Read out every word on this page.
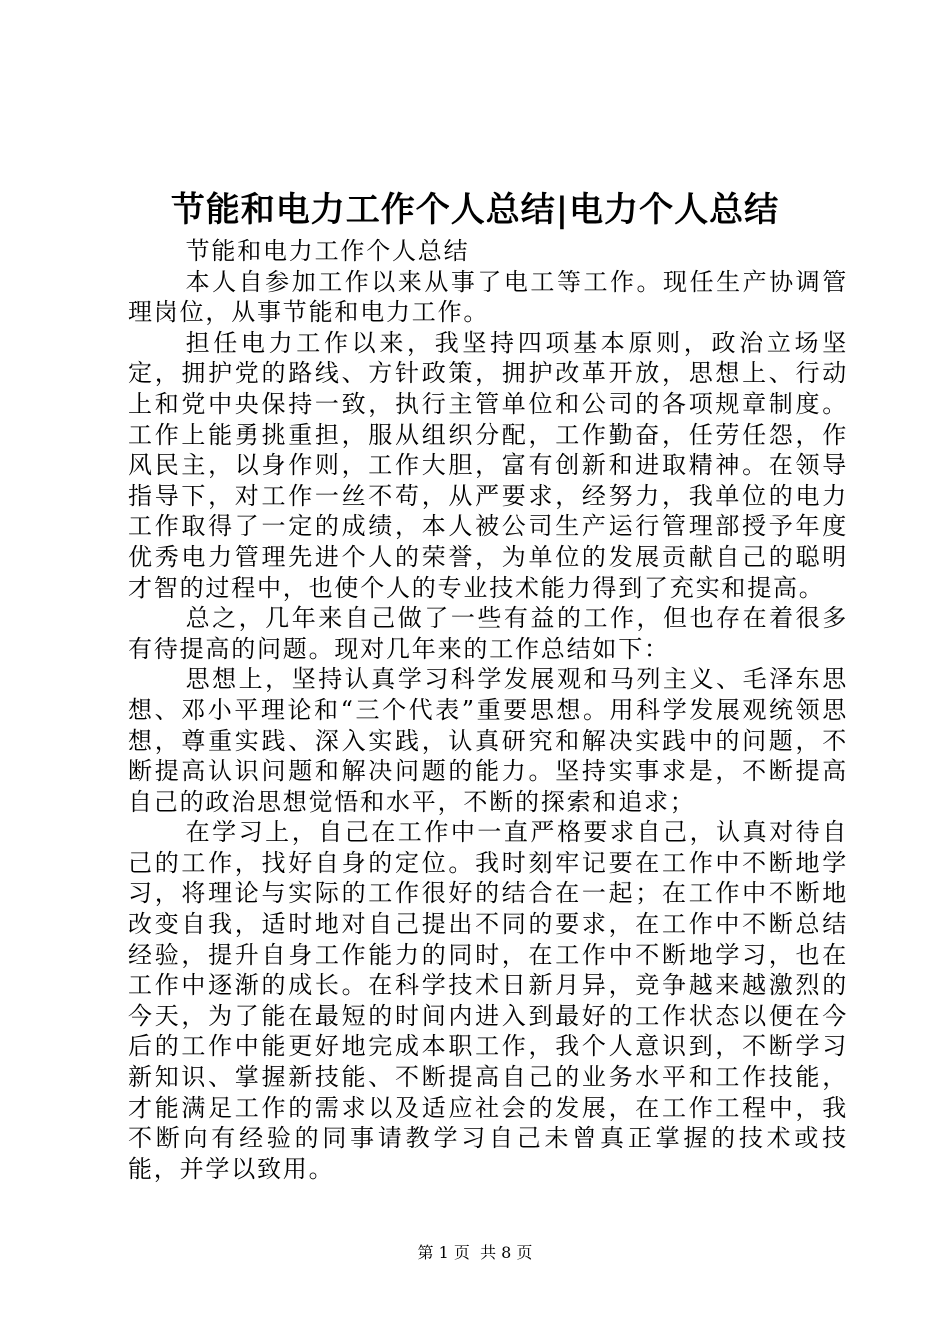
节能和电力工作个人总结|电力个人总结

节能和电力工作个人总结

本人自参加工作以来从事了电工等工作。现任生产协调管理岗位，从事节能和电力工作。

担任电力工作以来，我坚持四项基本原则，政治立场坚定，拥护党的路线、方针政策，拥护改革开放，思想上、行动上和党中央保持一致，执行主管单位和公司的各项规章制度。工作上能勇挑重担，服从组织分配，工作勤奋，任劳任怨，作风民主，以身作则，工作大胆，富有创新和进取精神。在领导指导下，对工作一丝不苟，从严要求，经努力，我单位的电力工作取得了一定的成绩，本人被公司生产运行管理部授予年度优秀电力管理先进个人的荣誉，为单位的发展贡献自己的聪明才智的过程中，也使个人的专业技术能力得到了充实和提高。

总之，几年来自己做了一些有益的工作，但也存在着很多有待提高的问题。现对几年来的工作总结如下：

思想上，坚持认真学习科学发展观和马列主义、毛泽东思想、邓小平理论和“三个代表”重要思想。用科学发展观统领思想，尊重实践、深入实践，认真研究和解决实践中的问题，不断提高认识问题和解决问题的能力。坚持实事求是，不断提高自己的政治思想觉悟和水平，不断的探索和追求；

在学习上，自己在工作中一直严格要求自己，认真对待自己的工作，找好自身的定位。我时刻牢记要在工作中不断地学习，将理论与实际的工作很好的结合在一起；在工作中不断地改变自我，适时地对自己提出不同的要求，在工作中不断总结经验，提升自身工作能力的同时，在工作中不断地学习，也在工作中逐渐的成长。在科学技术日新月异，竞争越来越激烈的今天，为了能在最短的时间内进入到最好的工作状态以便在今后的工作中能更好地完成本职工作，我个人意识到，不断学习新知识、掌握新技能、不断提高自己的业务水平和工作技能，才能满足工作的需求以及适应社会的发展，在工作工程中，我不断向有经验的同事请教学习自己未曾真正掌握的技术或技能，并学以致用。

第 1 页  共 8 页
